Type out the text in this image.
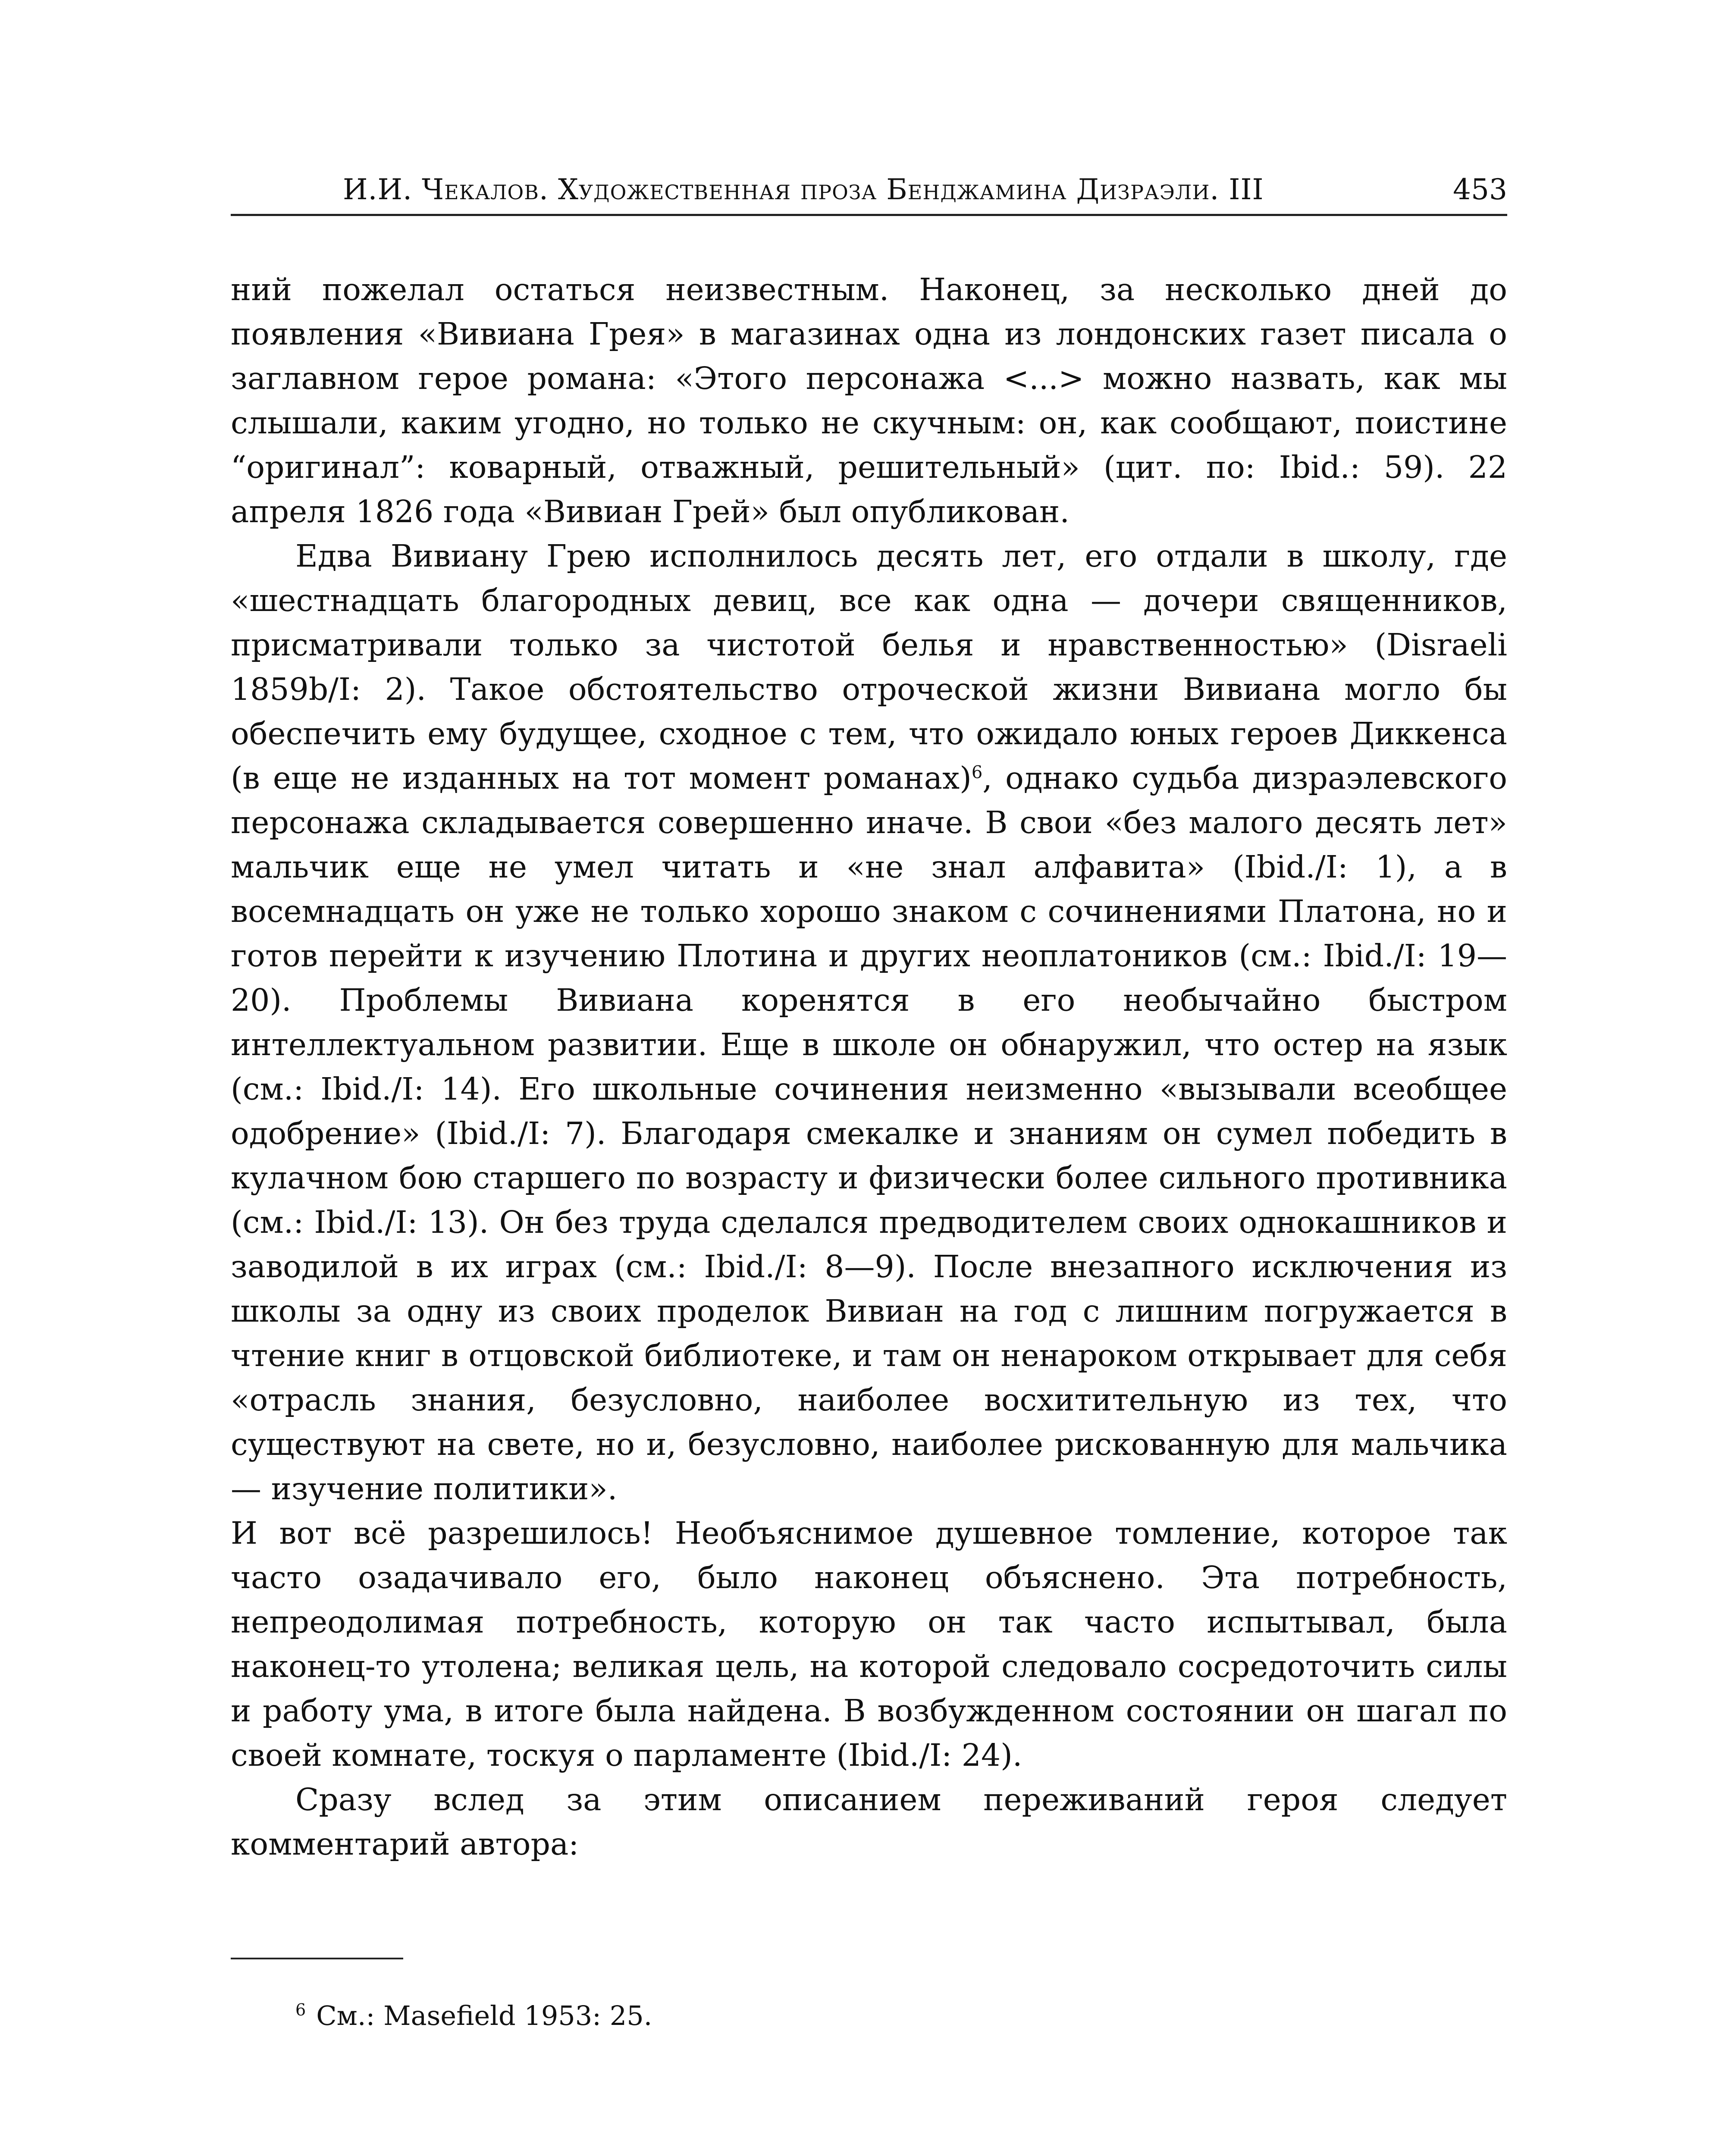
И.И. Чекалов. Художественная проза Бенджамина Дизраэли. III	453

ний пожелал остаться неизвестным. Наконец, за несколько дней до появления «Вивиана Грея» в магазинах одна из лондонских газет писала о заглавном герое романа: «Этого персонажа <...> можно назвать, как мы слышали, каким угодно, но только не скучным: он, как сообщают, поистине “оригинал”: коварный, отважный, решительный» (цит. по: Ibid.: 59). 22 апреля 1826 года «Вивиан Грей» был опубликован.

Едва Вивиану Грею исполнилось десять лет, его отдали в школу, где «шестнадцать благородных девиц, все как одна — дочери священников, присматривали только за чистотой белья и нравственностью» (Disraeli 1859b/I: 2). Такое обстоятельство отроческой жизни Вивиана могло бы обеспечить ему будущее, сходное с тем, что ожидало юных героев Диккенса (в еще не изданных на тот момент романах)$^6$, однако судьба дизраэлевского персонажа складывается совершенно иначе. В свои «без малого десять лет» мальчик еще не умел читать и «не знал алфавита» (Ibid./I: 1), а в восемнадцать он уже не только хорошо знаком с сочинениями Платона, но и готов перейти к изучению Плотина и других неоплатоников (см.: Ibid./I: 19—20). Проблемы Вивиана коренятся в его необычайно быстром интеллектуальном развитии. Еще в школе он обнаружил, что остер на язык (см.: Ibid./I: 14). Его школьные сочинения неизменно «вызывали всеобщее одобрение» (Ibid./I: 7). Благодаря смекалке и знаниям он сумел победить в кулачном бою старшего по возрасту и физически более сильного противника (см.: Ibid./I: 13). Он без труда сделался предводителем своих однокашников и заводилой в их играх (см.: Ibid./I: 8—9). После внезапного исключения из школы за одну из своих проделок Вивиан на год с лишним погружается в чтение книг в отцовской библиотеке, и там он ненароком открывает для себя «отрасль знания, безусловно, наиболее восхитительную из тех, что существуют на свете, но и, безусловно, наиболее рискованную для мальчика — изучение политики».

И вот всё разрешилось! Необъяснимое душевное томление, которое так часто озадачивало его, было наконец объяснено. Эта потребность, непреодолимая потребность, которую он так часто испытывал, была наконец-то утолена; великая цель, на которой следовало сосредоточить силы и работу ума, в итоге была найдена. В возбужденном состоянии он шагал по своей комнате, тоскуя о парламенте (Ibid./I: 24).

Сразу вслед за этим описанием переживаний героя следует комментарий автора:

$^6$ См.: Masefield 1953: 25.
